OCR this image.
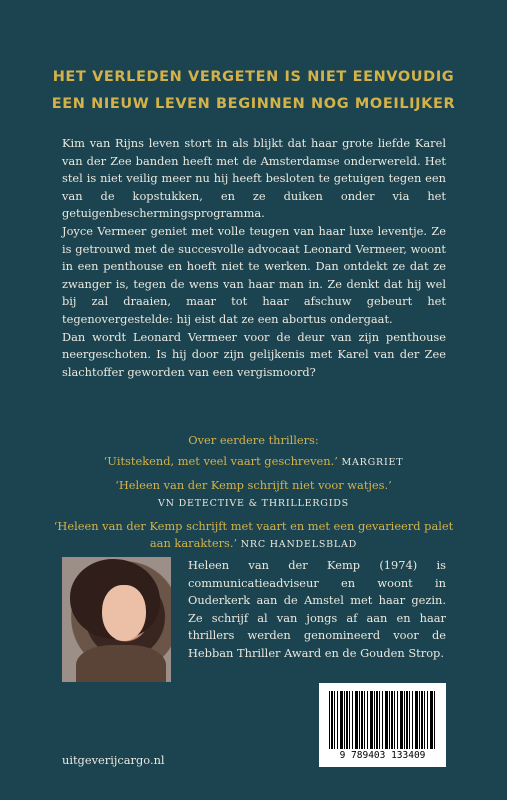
HET VERLEDEN VERGETEN IS NIET EENVOUDIG
EEN NIEUW LEVEN BEGINNEN NOG MOEILIJKER

Kim van Rijns leven stort in als blijkt dat haar grote liefde Karel van der Zee banden heeft met de Amsterdamse onderwereld. Het stel is niet veilig meer nu hij heeft besloten te getuigen tegen een van de kopstukken, en ze duiken onder via het getuigenbeschermingsprogramma.

Joyce Vermeer geniet met volle teugen van haar luxe leventje. Ze is getrouwd met de succesvolle advocaat Leonard Vermeer, woont in een penthouse en hoeft niet te werken. Dan ontdekt ze dat ze zwanger is, tegen de wens van haar man in. Ze denkt dat hij wel bij zal draaien, maar tot haar afschuw gebeurt het tegenovergestelde: hij eist dat ze een abortus ondergaat.

Dan wordt Leonard Vermeer voor de deur van zijn penthouse neergeschoten. Is hij door zijn gelijkenis met Karel van der Zee slachtoffer geworden van een vergismoord?

Over eerdere thrillers:
‘Uitstekend, met veel vaart geschreven.’ MARGRIET
‘Heleen van der Kemp schrijft niet voor watjes.’
VN DETECTIVE & THRILLERGIDS
‘Heleen van der Kemp schrijft met vaart en met een gevarieerd palet aan karakters.’ NRC HANDELSBLAD
Heleen van der Kemp (1974) is communicatieadviseur en woont in Ouderkerk aan de Amstel met haar gezin. Ze schrijf al van jongs af aan en haar thrillers werden genomineerd voor de Hebban Thriller Award en de Gouden Strop.
9 789403 133409
uitgeverijcargo.nl
